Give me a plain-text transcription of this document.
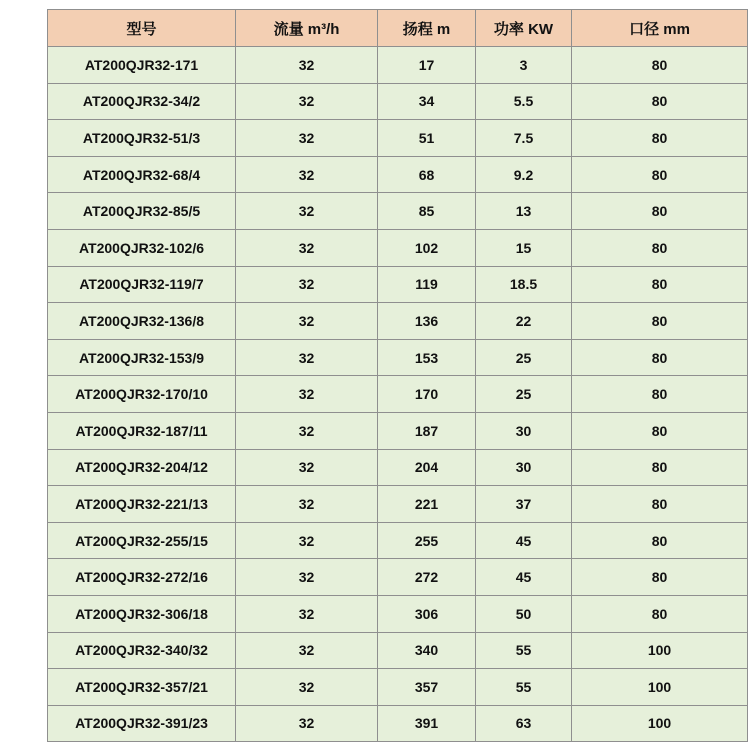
型号	流量 m³/h	扬程 m	功率 KW	口径 mm
AT200QJR32-171	32	17	3	80
AT200QJR32-34/2	32	34	5.5	80
AT200QJR32-51/3	32	51	7.5	80
AT200QJR32-68/4	32	68	9.2	80
AT200QJR32-85/5	32	85	13	80
AT200QJR32-102/6	32	102	15	80
AT200QJR32-119/7	32	119	18.5	80
AT200QJR32-136/8	32	136	22	80
AT200QJR32-153/9	32	153	25	80
AT200QJR32-170/10	32	170	25	80
AT200QJR32-187/11	32	187	30	80
AT200QJR32-204/12	32	204	30	80
AT200QJR32-221/13	32	221	37	80
AT200QJR32-255/15	32	255	45	80
AT200QJR32-272/16	32	272	45	80
AT200QJR32-306/18	32	306	50	80
AT200QJR32-340/32	32	340	55	100
AT200QJR32-357/21	32	357	55	100
AT200QJR32-391/23	32	391	63	100
